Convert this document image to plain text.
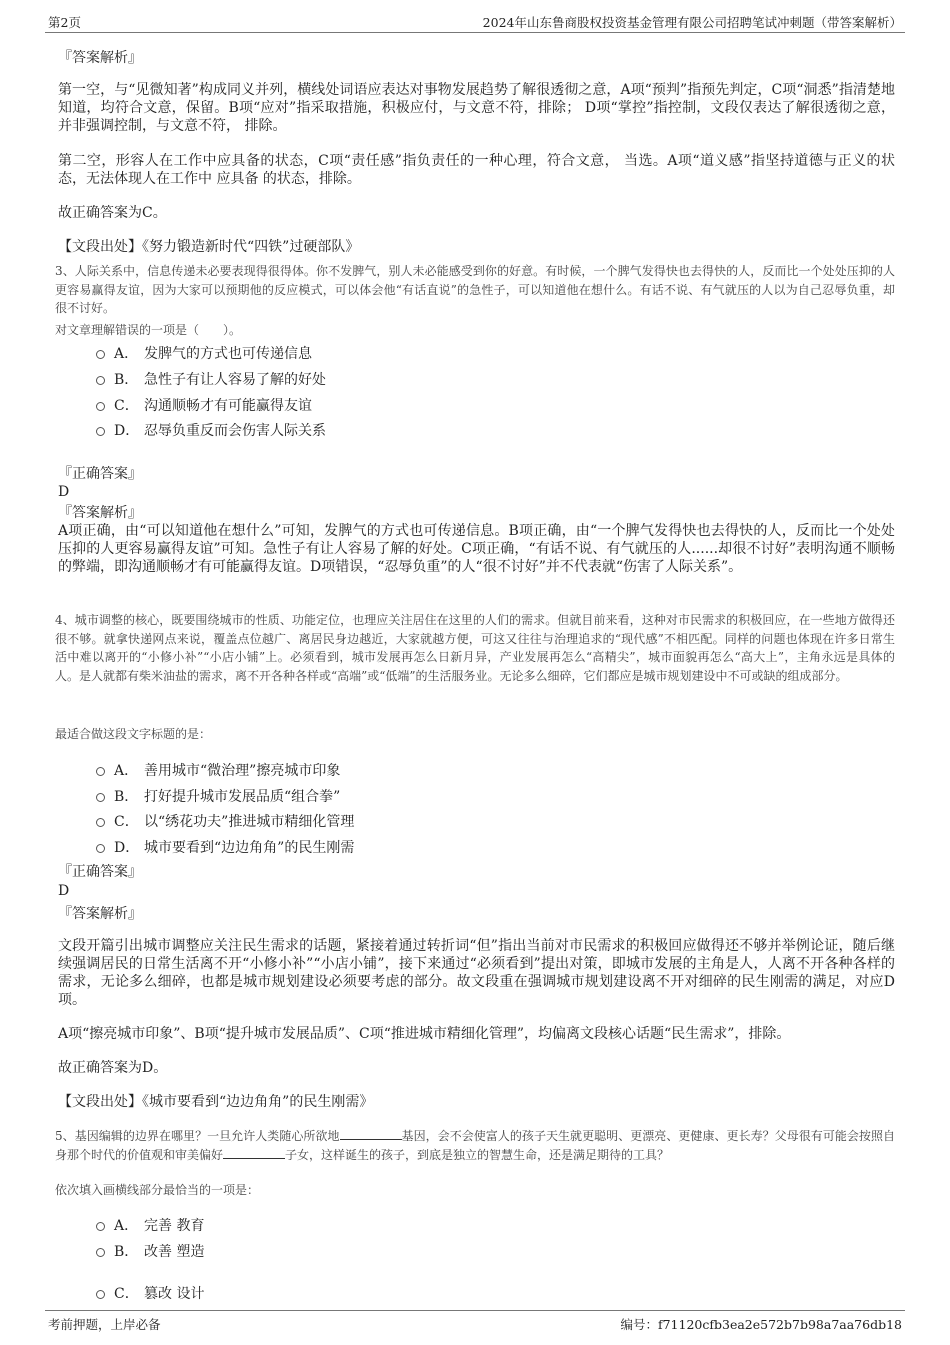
第2页	2024年山东鲁商股权投资基金管理有限公司招聘笔试冲刺题（带答案解析）
『答案解析』
第一空，与“见微知著”构成同义并列，横线处词语应表达对事物发展趋势了解很透彻之意，A项“预判”指预先判定，C项“洞悉”指清楚地知道，均符合文意，保留。B项“应对”指采取措施，积极应付，与文意不符，排除； D项“掌控”指控制，文段仅表达了解很透彻之意，并非强调控制，与文意不符， 排除。
第二空，形容人在工作中应具备的状态，C项“责任感”指负责任的一种心理，符合文意， 当选。A项“道义感”指坚持道德与正义的状态，无法体现人在工作中 应具备 的状态，排除。
故正确答案为C。
【文段出处】《努力锻造新时代“四铁”过硬部队》
3、人际关系中，信息传递未必要表现得很得体。你不发脾气，别人未必能感受到你的好意。有时候，一个脾气发得快也去得快的人，反而比一个处处压抑的人更容易赢得友谊，因为大家可以预期他的反应模式，可以体会他“有话直说”的急性子，可以知道他在想什么。有话不说、有气就压的人以为自己忍辱负重，却很不讨好。
对文章理解错误的一项是（　　）。
A． 发脾气的方式也可传递信息
B． 急性子有让人容易了解的好处
C． 沟通顺畅才有可能赢得友谊
D． 忍辱负重反而会伤害人际关系
『正确答案』
D
『答案解析』
A项正确，由“可以知道他在想什么”可知，发脾气的方式也可传递信息。B项正确，由“一个脾气发得快也去得快的人，反而比一个处处压抑的人更容易赢得友谊”可知。急性子有让人容易了解的好处。C项正确，“有话不说、有气就压的人......却很不讨好”表明沟通不顺畅的弊端，即沟通顺畅才有可能赢得友谊。D项错误，“忍辱负重”的人“很不讨好”并不代表就“伤害了人际关系”。
4、城市调整的核心，既要围绕城市的性质、功能定位，也理应关注居住在这里的人们的需求。但就目前来看，这种对市民需求的积极回应，在一些地方做得还很不够。就拿快递网点来说，覆盖点位越广、离居民身边越近，大家就越方便，可这又往往与治理追求的“现代感”不相匹配。同样的问题也体现在许多日常生活中难以离开的“小修小补”“小店小铺”上。必须看到，城市发展再怎么日新月异，产业发展再怎么“高精尖”，城市面貌再怎么“高大上”，主角永远是具体的人。是人就都有柴米油盐的需求，离不开各种各样或“高端”或“低端”的生活服务业。无论多么细碎，它们都应是城市规划建设中不可或缺的组成部分。
最适合做这段文字标题的是：
A． 善用城市“微治理”擦亮城市印象
B． 打好提升城市发展品质“组合拳”
C． 以“绣花功夫”推进城市精细化管理
D． 城市要看到“边边角角”的民生刚需
『正确答案』
D
『答案解析』
文段开篇引出城市调整应关注民生需求的话题，紧接着通过转折词“但”指出当前对市民需求的积极回应做得还不够并举例论证，随后继续强调居民的日常生活离不开“小修小补”“小店小铺”，接下来通过“必须看到”提出对策，即城市发展的主角是人，人离不开各种各样的需求，无论多么细碎，也都是城市规划建设必须要考虑的部分。故文段重在强调城市规划建设离不开对细碎的民生刚需的满足，对应D项。
A项“擦亮城市印象”、B项“提升城市发展品质”、C项“推进城市精细化管理”，均偏离文段核心话题“民生需求”，排除。
故正确答案为D。
【文段出处】《城市要看到“边边角角”的民生刚需》
5、基因编辑的边界在哪里？一旦允许人类随心所欲地	基因，会不会使富人的孩子天生就更聪明、更漂亮、更健康、更长寿？父母很有可能会按照自身那个时代的价值观和审美偏好	子女，这样诞生的孩子，到底是独立的智慧生命，还是满足期待的工具？
依次填入画横线部分最恰当的一项是：
A． 完善 教育
B． 改善 塑造
C． 篡改 设计
考前押题，上岸必备	编号：f71120cfb3ea2e572b7b98a7aa76db18
